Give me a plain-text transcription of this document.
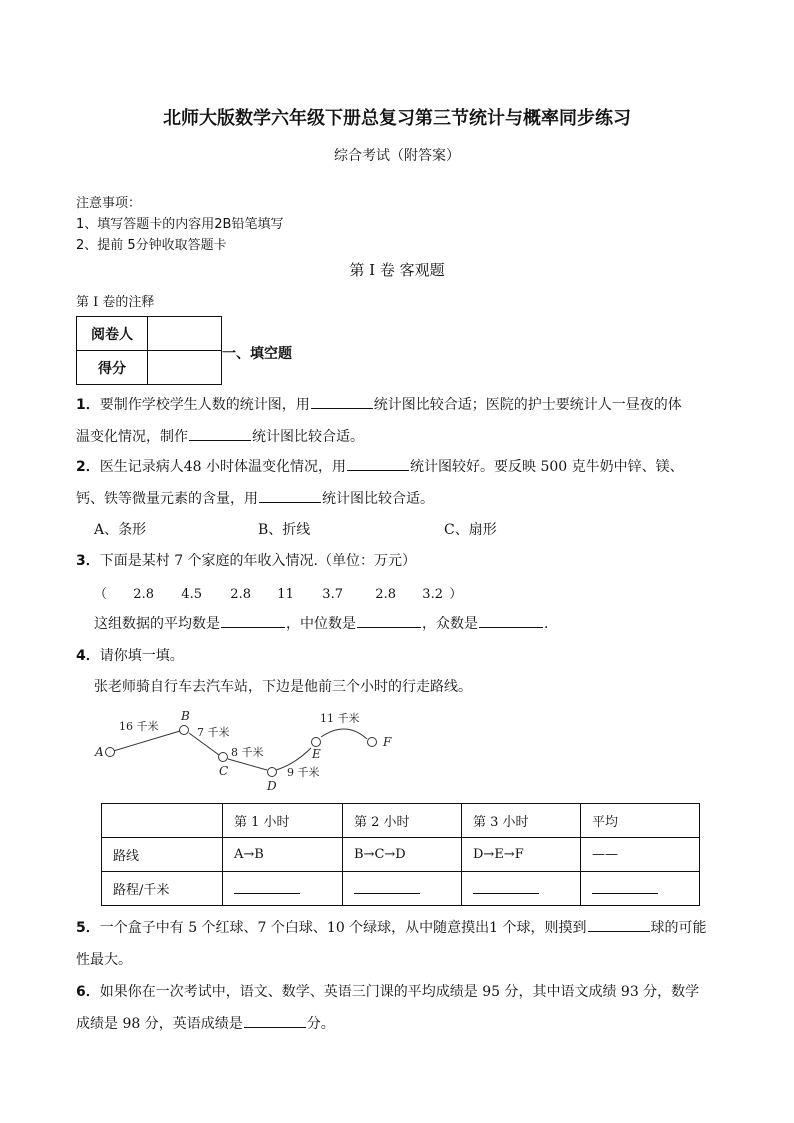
北师大版数学六年级下册总复习第三节统计与概率同步练习
综合考试（附答案）
注意事项：
1、填写答题卡的内容用2B铅笔填写
2、提前 5分钟收取答题卡
第 I 卷 客观题
第 I 卷的注释
阅卷人	
得分	
一、填空题
1．要制作学校学生人数的统计图，用	统计图比较合适；医院的护士要统计人一昼夜的体
温变化情况，制作	统计图比较合适。
2．医生记录病人48 小时体温变化情况，用	统计图较好。要反映 500 克牛奶中锌、镁、
钙、铁等微量元素的含量，用	统计图比较合适。
A、条形	B、折线	C、扇形
3．下面是某村 7 个家庭的年收入情况.（单位：万元）
（ 2.8 4.5 2.8 11 3.7 2.8 3.2 ）
这组数据的平均数是	，中位数是	，众数是	.
4．请你填一填。
张老师骑自行车去汽车站，下边是他前三个小时的行走路线。
A
B
C
D
E
F
16 千米	7 千米
8 千米
9 千米
11 千米
	第 1 小时	第 2 小时	第 3 小时	平均
路线	A→B	B→C→D	D→E→F	——
路程/千米				
5．一个盒子中有 5 个红球、7 个白球、10 个绿球，从中随意摸出1 个球，则摸到	球的可能
性最大。
6．如果你在一次考试中，语文、数学、英语三门课的平均成绩是 95 分，其中语文成绩 93 分，数学
成绩是 98 分，英语成绩是	分。
